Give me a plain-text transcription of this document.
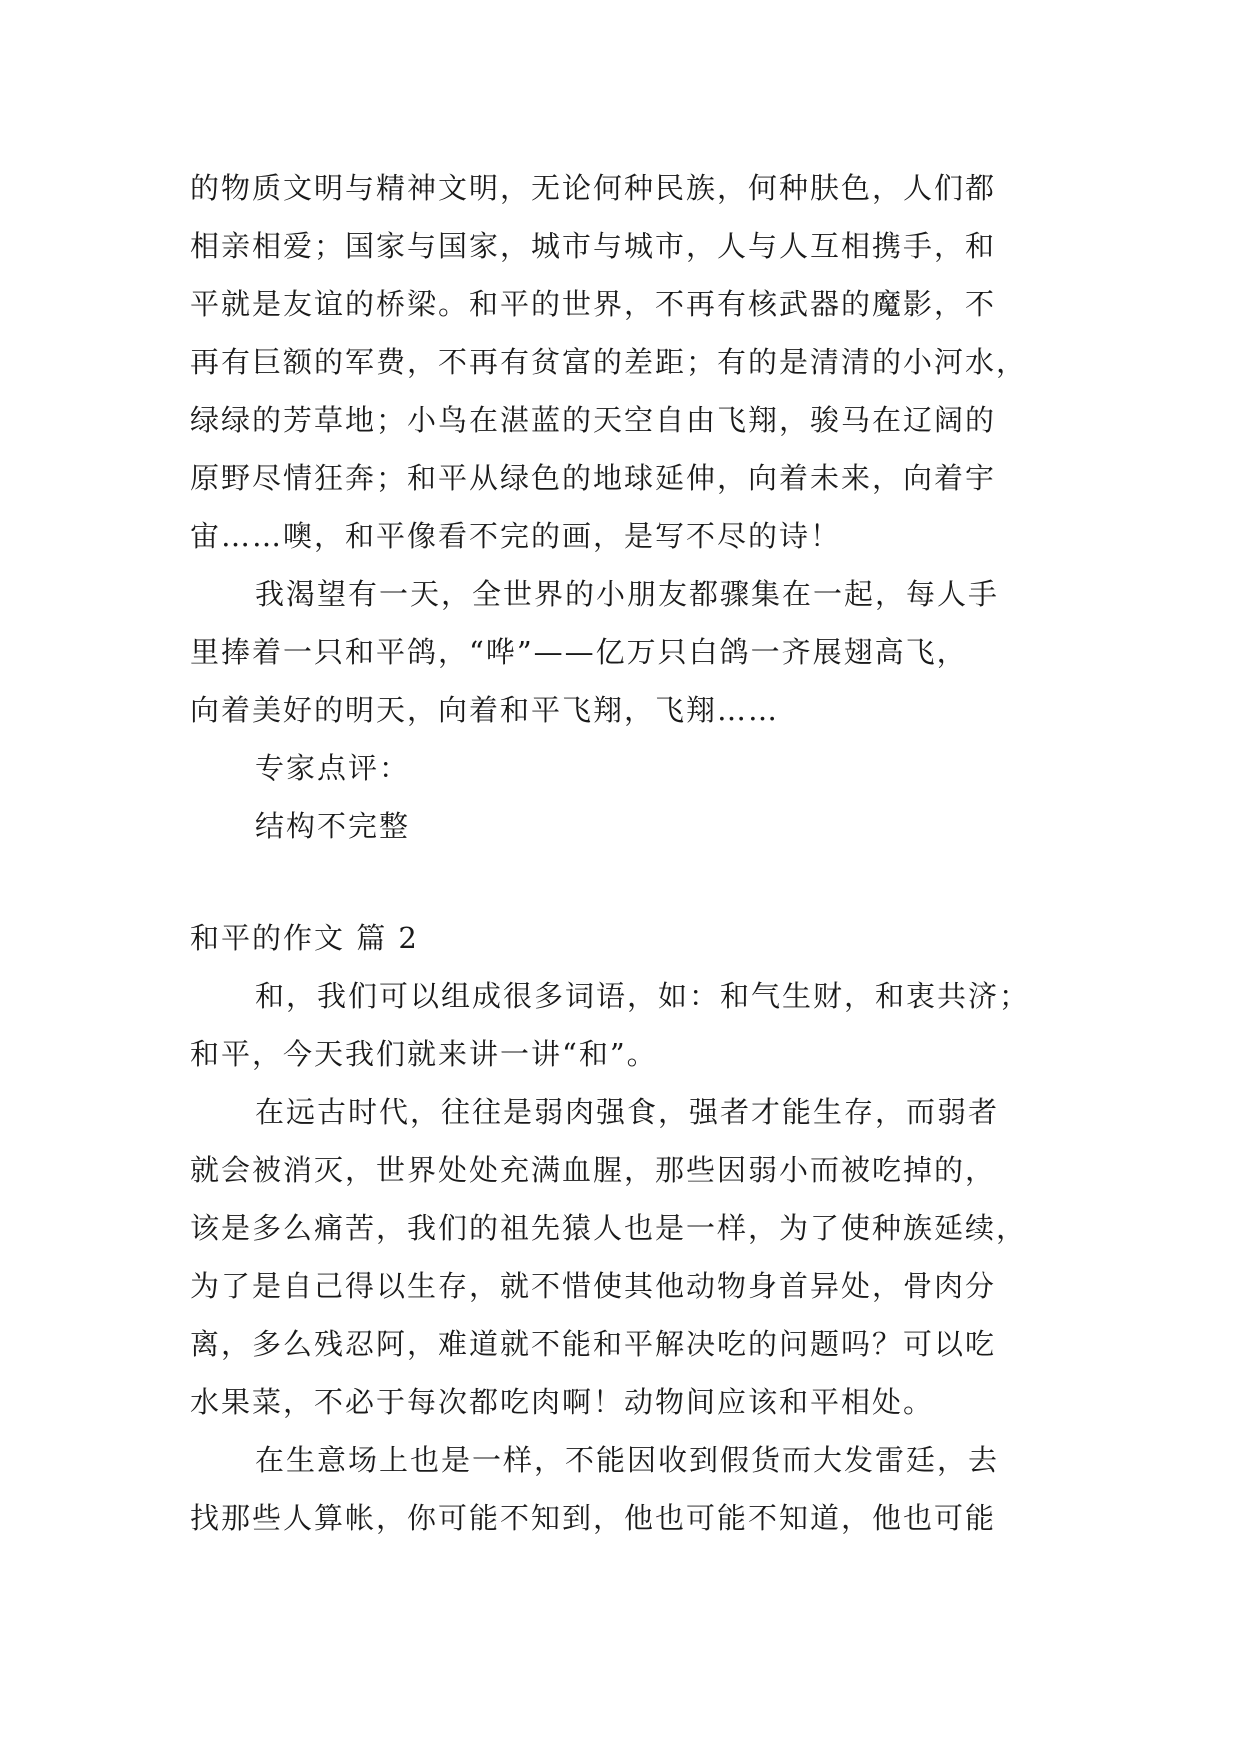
的物质文明与精神文明，无论何种民族，何种肤色，人们都
相亲相爱；国家与国家，城市与城市，人与人互相携手，和
平就是友谊的桥梁。和平的世界，不再有核武器的魔影，不
再有巨额的军费，不再有贫富的差距；有的是清清的小河水，
绿绿的芳草地；小鸟在湛蓝的天空自由飞翔，骏马在辽阔的
原野尽情狂奔；和平从绿色的地球延伸，向着未来，向着宇
宙……噢，和平像看不完的画，是写不尽的诗！
我渴望有一天，全世界的小朋友都骤集在一起，每人手
里捧着一只和平鸽，“哗”——亿万只白鸽一齐展翅高飞，
向着美好的明天，向着和平飞翔，飞翔……
专家点评：
结构不完整
和平的作文 篇 2
和，我们可以组成很多词语，如：和气生财，和衷共济；
和平，今天我们就来讲一讲“和”。
在远古时代，往往是弱肉强食，强者才能生存，而弱者
就会被消灭，世界处处充满血腥，那些因弱小而被吃掉的，
该是多么痛苦，我们的祖先猿人也是一样，为了使种族延续，
为了是自己得以生存，就不惜使其他动物身首异处，骨肉分
离，多么残忍阿，难道就不能和平解决吃的问题吗？可以吃
水果菜，不必于每次都吃肉啊！动物间应该和平相处。
在生意场上也是一样，不能因收到假货而大发雷廷，去
找那些人算帐，你可能不知到，他也可能不知道，他也可能
